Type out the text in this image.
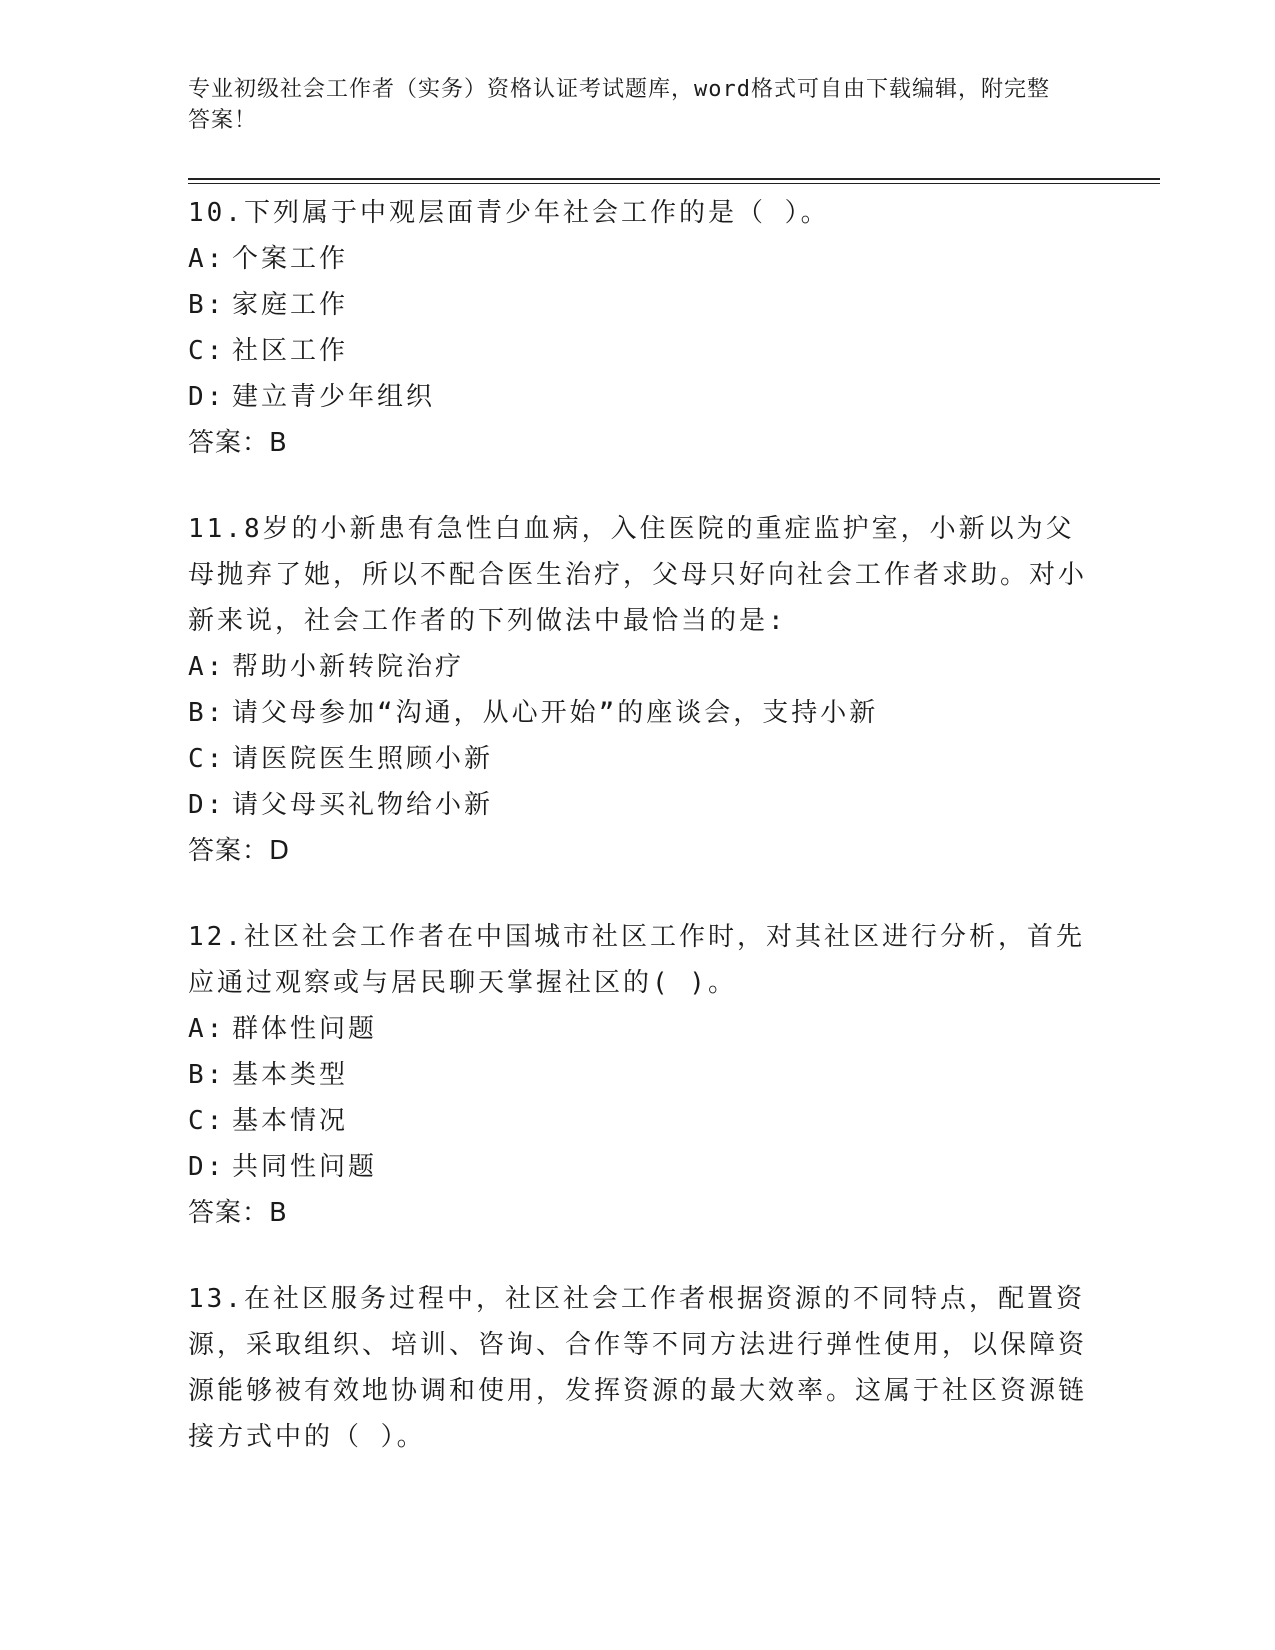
专业初级社会工作者（实务）资格认证考试题库，word格式可自由下载编辑，附完整答案！

10.下列属于中观层面青少年社会工作的是（ ）。

A: 个案工作

B: 家庭工作

C: 社区工作

D: 建立青少年组织

答案：B

11.8岁的小新患有急性白血病，入住医院的重症监护室，小新以为父母抛弃了她，所以不配合医生治疗，父母只好向社会工作者求助。对小新来说，社会工作者的下列做法中最恰当的是:

A: 帮助小新转院治疗

B: 请父母参加“沟通，从心开始”的座谈会，支持小新

C: 请医院医生照顾小新

D: 请父母买礼物给小新

答案：D

12.社区社会工作者在中国城市社区工作时，对其社区进行分析，首先应通过观察或与居民聊天掌握社区的( )。

A: 群体性问题

B: 基本类型

C: 基本情况

D: 共同性问题

答案：B

13.在社区服务过程中，社区社会工作者根据资源的不同特点，配置资源，采取组织、培训、咨询、合作等不同方法进行弹性使用，以保障资源能够被有效地协调和使用，发挥资源的最大效率。这属于社区资源链接方式中的（ ）。
